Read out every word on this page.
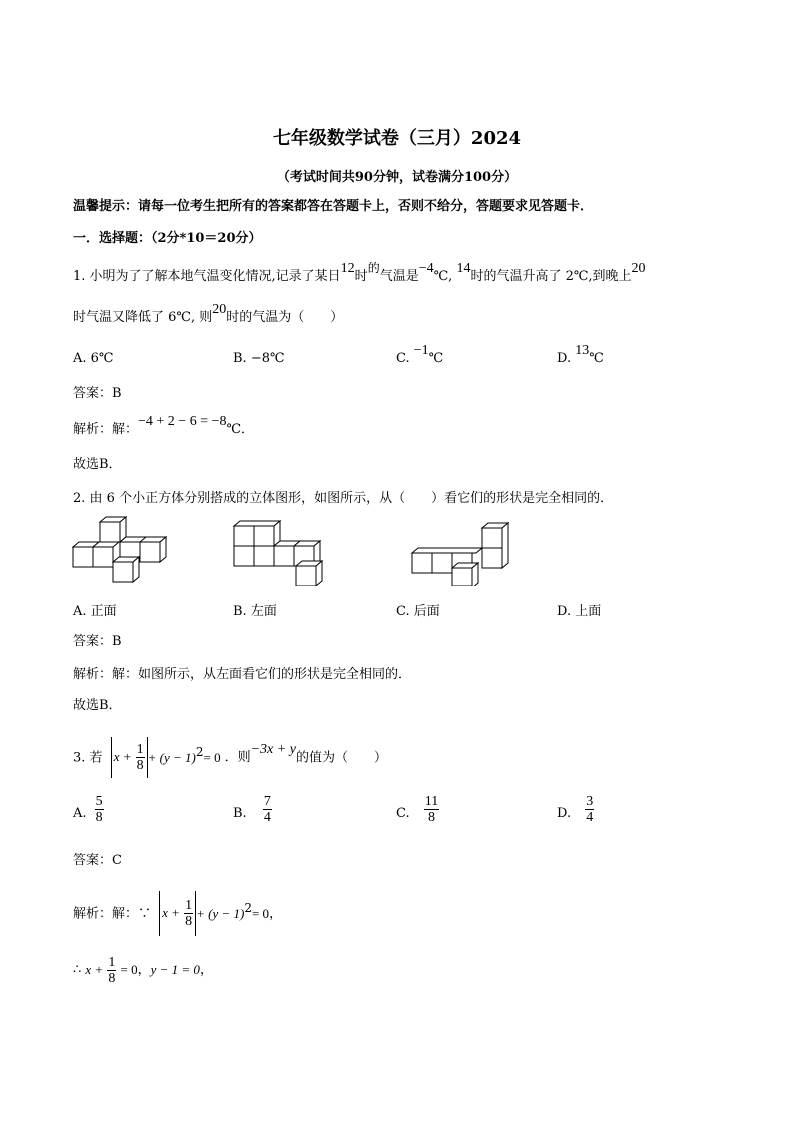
七年级数学试卷（三月）2024
（考试时间共90分钟，试卷满分100分）
温馨提示：请每一位考生把所有的答案都答在答题卡上，否则不给分，答题要求见答题卡．
一．选择题：（2分*10＝20分）
1. 小明为了了解本地气温变化情况,记录了某日12时的气温是−4℃, 14时的气温升高了 2℃,到晚上20
时气温又降低了 6℃, 则20时的气温为（　　）
A. 6℃	B. −8℃	C. −1℃	D. 13℃
答案：B
解析：解：−4 + 2 − 6 = −8℃．
故选B．
2. 由 6 个小正方体分别搭成的立体图形，如图所示，从（　　）看它们的形状是完全相同的．
A. 正面	B. 左面	C. 后面	D. 上面
答案：B
解析：解：如图所示，从左面看它们的形状是完全相同的．
故选B．
3. 若 $x + \frac{1}{8} + (y - 1)^2= 0$ ．则−3x + y的值为（　　）
A. $\frac{5}{8}$	B. $\frac{7}{4}$	C. $\frac{11}{8}$	D. $\frac{3}{4}$
答案：C
解析：解：∵ $x + \frac{1}{8} + (y - 1)^2= 0$，
∴ $x + \frac{1}{8} = 0$，y − 1 = 0，
